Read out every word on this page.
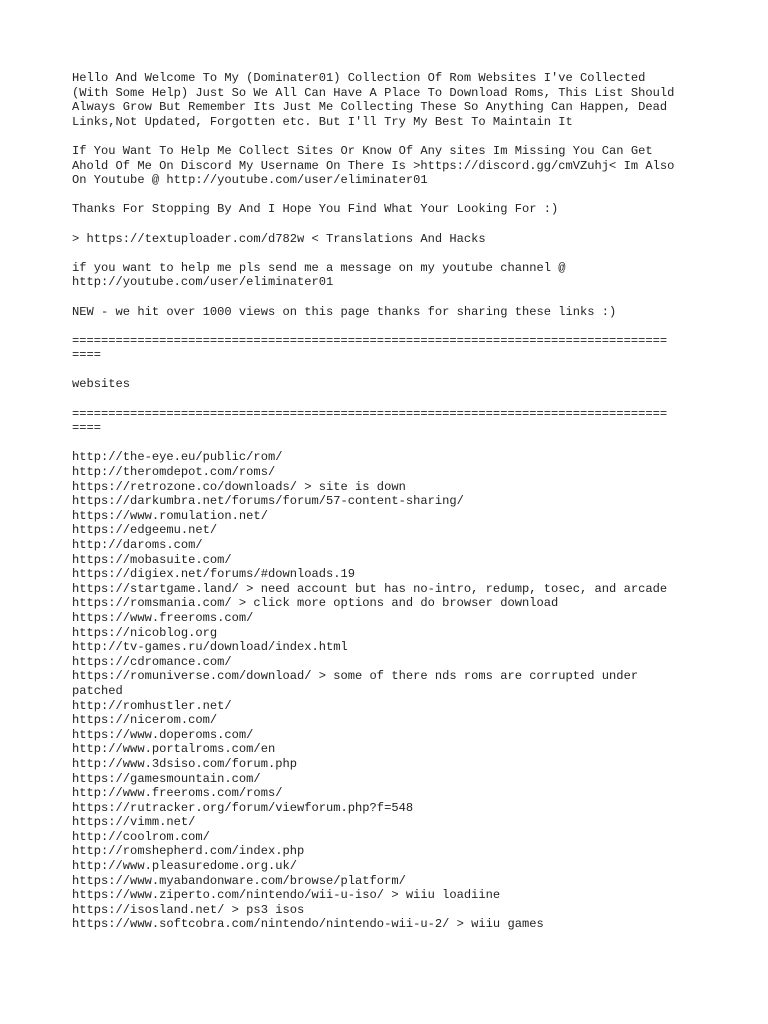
Hello And Welcome To My (Dominater01) Collection Of Rom Websites I've Collected
(With Some Help) Just So We All Can Have A Place To Download Roms, This List Should
Always Grow But Remember Its Just Me Collecting These So Anything Can Happen, Dead
Links,Not Updated, Forgotten etc. But I'll Try My Best To Maintain It
If You Want To Help Me Collect Sites Or Know Of Any sites Im Missing You Can Get
Ahold Of Me On Discord My Username On There Is >https://discord.gg/cmVZuhj< Im Also
On Youtube @ http://youtube.com/user/eliminater01
Thanks For Stopping By And I Hope You Find What Your Looking For :)
> https://textuploader.com/d782w < Translations And Hacks
if you want to help me pls send me a message on my youtube channel @
http://youtube.com/user/eliminater01
NEW - we hit over 1000 views on this page thanks for sharing these links :)
==================================================================================
====
websites
==================================================================================
====
http://the-eye.eu/public/rom/
http://theromdepot.com/roms/
https://retrozone.co/downloads/ > site is down
https://darkumbra.net/forums/forum/57-content-sharing/
https://www.romulation.net/
https://edgeemu.net/
http://daroms.com/
https://mobasuite.com/
https://digiex.net/forums/#downloads.19
https://startgame.land/ > need account but has no-intro, redump, tosec, and arcade
https://romsmania.com/ > click more options and do browser download
https://www.freeroms.com/
https://nicoblog.org
http://tv-games.ru/download/index.html
https://cdromance.com/
https://romuniverse.com/download/ > some of there nds roms are corrupted under
patched
http://romhustler.net/
https://nicerom.com/
https://www.doperoms.com/
http://www.portalroms.com/en
http://www.3dsiso.com/forum.php
https://gamesmountain.com/
http://www.freeroms.com/roms/
https://rutracker.org/forum/viewforum.php?f=548
https://vimm.net/
http://coolrom.com/
http://romshepherd.com/index.php
http://www.pleasuredome.org.uk/
https://www.myabandonware.com/browse/platform/
https://www.ziperto.com/nintendo/wii-u-iso/ > wiiu loadiine
https://isosland.net/ > ps3 isos
https://www.softcobra.com/nintendo/nintendo-wii-u-2/ > wiiu games
